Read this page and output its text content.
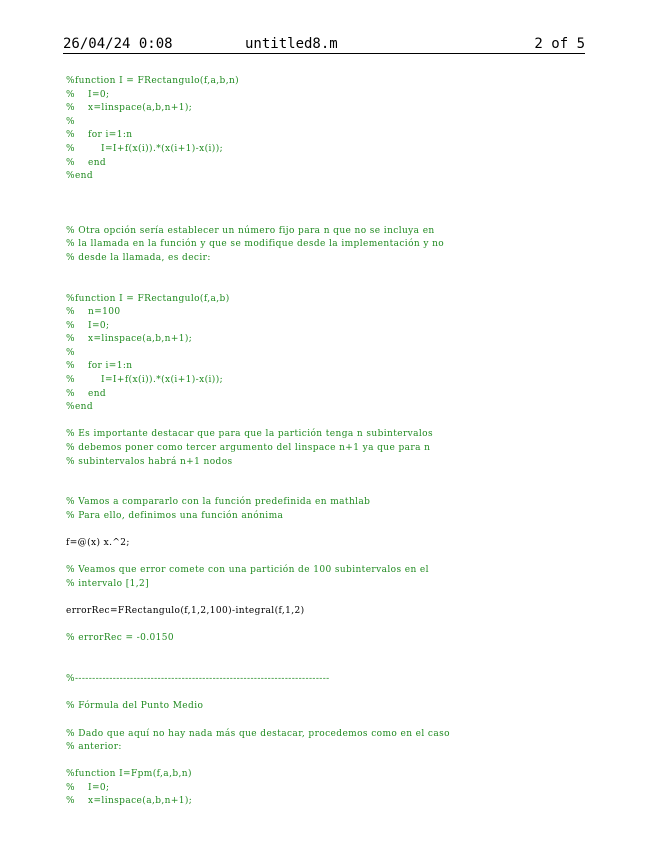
26/04/24 0:08	untitled8.m	2 of 5
%function I = FRectangulo(f,a,b,n)
%    I=0;
%    x=linspace(a,b,n+1);
%
%    for i=1:n
%        I=I+f(x(i)).*(x(i+1)-x(i));
%    end
%end
% Otra opción sería establecer un número fijo para n que no se incluya en
% la llamada en la función y que se modifique desde la implementación y no
% desde la llamada, es decir:
%function I = FRectangulo(f,a,b)
%    n=100
%    I=0;
%    x=linspace(a,b,n+1);
%
%    for i=1:n
%        I=I+f(x(i)).*(x(i+1)-x(i));
%    end
%end
% Es importante destacar que para que la partición tenga n subintervalos
% debemos poner como tercer argumento del linspace n+1 ya que para n
% subintervalos habrá n+1 nodos
% Vamos a compararlo con la función predefinida en mathlab
% Para ello, definimos una función anónima
f=@(x) x.^2;
% Veamos que error comete con una partición de 100 subintervalos en el
% intervalo [1,2]
errorRec=FRectangulo(f,1,2,100)-integral(f,1,2)
% errorRec = -0.0150
%--------------------------------------------------------------------------
% Fórmula del Punto Medio
% Dado que aquí no hay nada más que destacar, procedemos como en el caso
% anterior:
%function I=Fpm(f,a,b,n)
%    I=0;
%    x=linspace(a,b,n+1);
